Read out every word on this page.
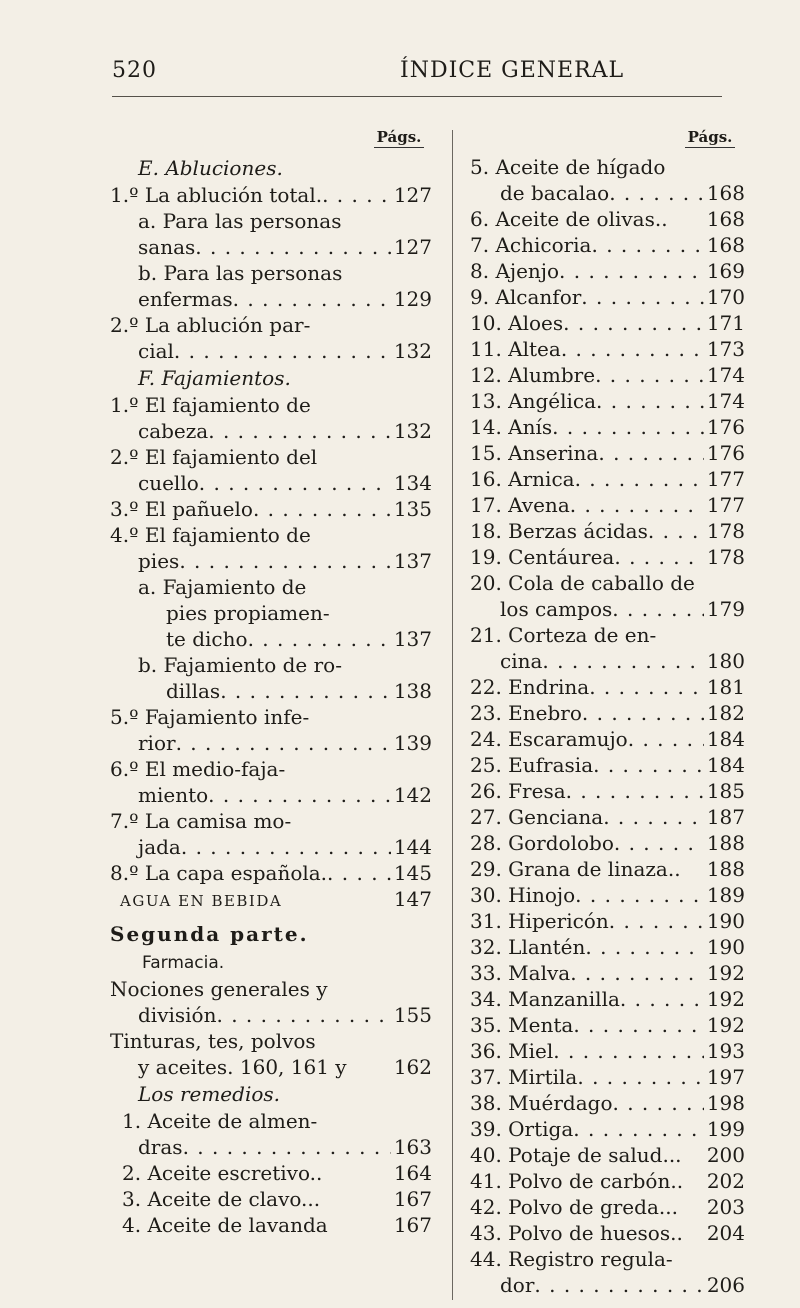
520	ÍNDICE GENERAL
Págs.
E. Abluciones.
1.º La ablución total. . . .	127
a. Para las personas
sanas . . .	127
b. Para las personas
enfermas . . .	129
2.º La ablución par-
cial . . .	132
F. Fajamientos.
1.º El fajamiento de
cabeza . . .	132
2.º El fajamiento del
cuello . . .	134
3.º El pañuelo . . .	135
4.º El fajamiento de
pies . . .	137
a. Fajamiento de
pies propiamen-
te dicho . . .	137
b. Fajamiento de ro-
dillas . . .	138
5.º Fajamiento infe-
rior . . .	139
6.º El medio-faja-
miento . . .	142
7.º La camisa mo-
jada . . .	144
8.º La capa española. . . .	145
AGUA EN BEBIDA	147
Segunda parte.
Farmacia.
Nociones generales y
división . . .	155
Tinturas, tes, polvos
y aceites. 160, 161 y 162
Los remedios.
1. Aceite de almen-
dras . . .	163
2. Aceite escretivo..	164
3. Aceite de clavo...	167
4. Aceite de lavanda	167
Págs.
5. Aceite de hígado
de bacalao . . .	168
6. Aceite de olivas.. 168
7. Achicoria . . .	168
8. Ajenjo . . .	169
9. Alcanfor . . .	170
10. Aloes . . .	171
11. Altea . . .	173
12. Alumbre . . .	174
13. Angélica . . .	174
14. Anís . . .	176
15. Anserina . . .	176
16. Arnica . . .	177
17. Avena . . .	177
18. Berzas ácidas . . .	178
19. Centáurea . . .	178
20. Cola de caballo de
los campos . . .	179
21. Corteza de en-
cina . . .	180
22. Endrina . . .	181
23. Enebro . . .	182
24. Escaramujo . . .	184
25. Eufrasia . . .	184
26. Fresa . . .	185
27. Genciana . . .	187
28. Gordolobo . . .	188
29. Grana de linaza.. 188
30. Hinojo . . .	189
31. Hipericón . . .	190
32. Llantén . . .	190
33. Malva . . .	192
34. Manzanilla . . .	192
35. Menta . . .	192
36. Miel . . .	193
37. Mirtila . . .	197
38. Muérdago . . .	198
39. Ortiga . . .	199
40. Potaje de salud... 200
41. Polvo de carbón.. 202
42. Polvo de greda... 203
43. Polvo de huesos.. 204
44. Registro regula-
dor . . .	206
